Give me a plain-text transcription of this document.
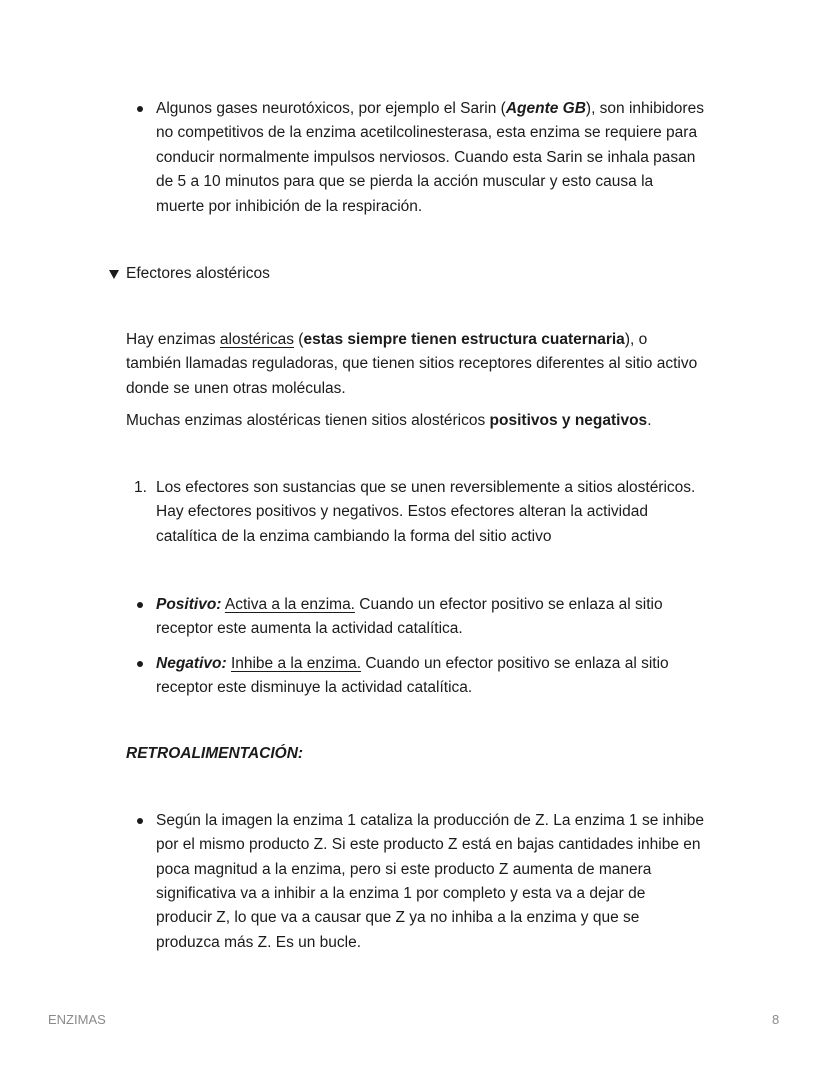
Algunos gases neurotóxicos, por ejemplo el Sarin (Agente GB), son inhibidores
no competitivos de la enzima acetilcolinesterasa, esta enzima se requiere para
conducir normalmente impulsos nerviosos. Cuando esta Sarin se inhala pasan
de 5 a 10 minutos para que se pierda la acción muscular y esto causa la
muerte por inhibición de la respiración.
Efectores alostéricos
Hay enzimas alostéricas (estas siempre tienen estructura cuaternaria), o
también llamadas reguladoras, que tienen sitios receptores diferentes al sitio activo
donde se unen otras moléculas.
Muchas enzimas alostéricas tienen sitios alostéricos positivos y negativos.
1. Los efectores son sustancias que se unen reversiblemente a sitios alostéricos.
Hay efectores positivos y negativos. Estos efectores alteran la actividad
catalítica de la enzima cambiando la forma del sitio activo
Positivo: Activa a la enzima. Cuando un efector positivo se enlaza al sitio
receptor este aumenta la actividad catalítica.
Negativo: Inhibe a la enzima. Cuando un efector positivo se enlaza al sitio
receptor este disminuye la actividad catalítica.
RETROALIMENTACIÓN:
Según la imagen la enzima 1 cataliza la producción de Z. La enzima 1 se inhibe
por el mismo producto Z. Si este producto Z está en bajas cantidades inhibe en
poca magnitud a la enzima, pero si este producto Z aumenta de manera
significativa va a inhibir a la enzima 1 por completo y esta va a dejar de
producir Z, lo que va a causar que Z ya no inhiba a la enzima y que se
produzca más Z. Es un bucle.
ENZIMAS	8
